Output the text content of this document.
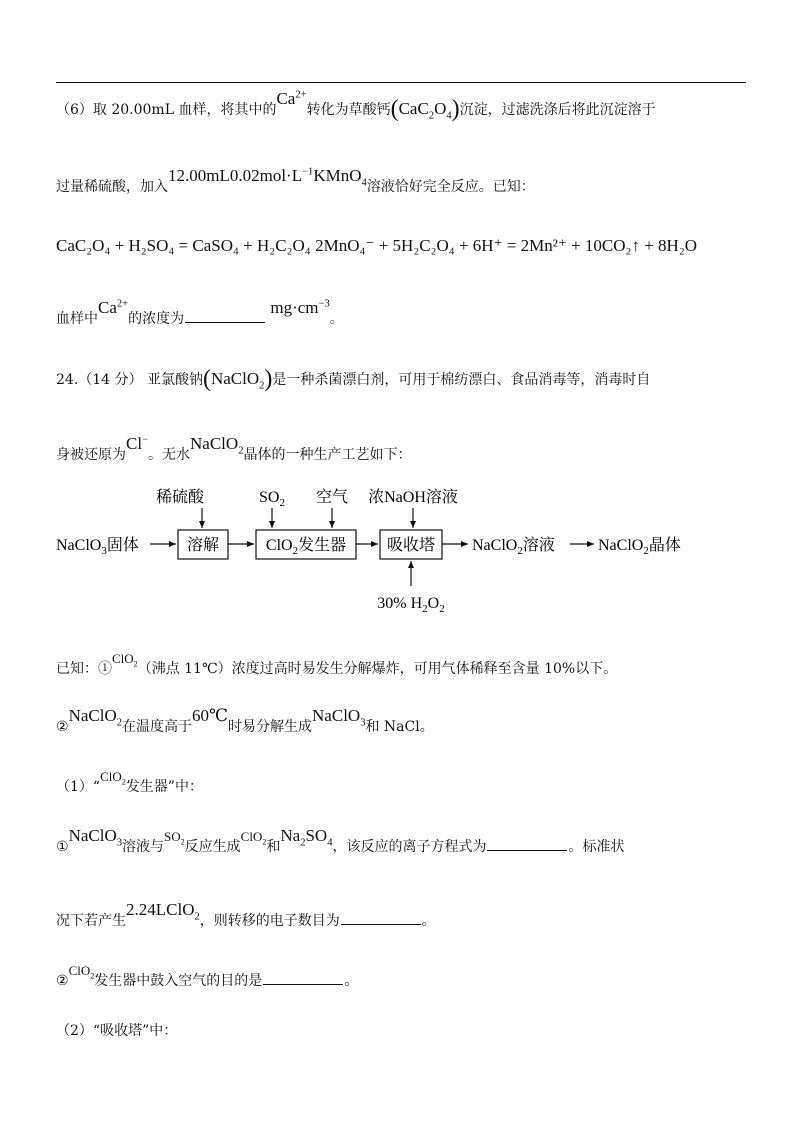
（6）取 20.00mL 血样，将其中的$Ca^{2+}$转化为草酸钙$(CaC_2O_4)$沉淀，过滤洗涤后将此沉淀溶于
过量稀硫酸，加入$12.00mL0.02mol\cdot L^{-1}KMnO_4$溶液恰好完全反应。已知：
CaC₂O₄ + H₂SO₄ = CaSO₄ + H₂C₂O₄ 2MnO₄⁻ + 5H₂C₂O₄ + 6H⁺ = 2Mn²⁺ + 10CO₂↑ + 8H₂O
血样中$Ca^{2+}$的浓度为 $mg\cdot cm^{-3}$。
24.（14 分） 亚氯酸钠(NaClO$_2$)是一种杀菌漂白剂，可用于棉纺漂白、食品消毒等，消毒时自
身被还原为Cl−。无水NaClO$_2$晶体的一种生产工艺如下：
稀硫酸	$SO_2$ 空气 浓NaOH溶液
NaClO$_3$固体	溶解	ClO$_2$发生器	吸收塔 NaClO$_2$溶液	NaClO$_2$晶体
30% $H_2O_2$
已知：①ClO$_2$（沸点 11℃）浓度过高时易发生分解爆炸，可用气体稀释至含量 10%以下。
②NaClO$_2$在温度高于60℃时易分解生成NaClO$_3$和 NaCl。
（1）“ClO$_2$发生器”中：
①NaClO$_3$溶液与$SO_2$反应生成ClO$_2$和$Na_2SO_4$，该反应的离子方程式为	。标准状
况下若产生2.24LClO$_2$，则转移的电子数目为	。
②ClO$_2$发生器中鼓入空气的目的是	。
（2）“吸收塔”中：
